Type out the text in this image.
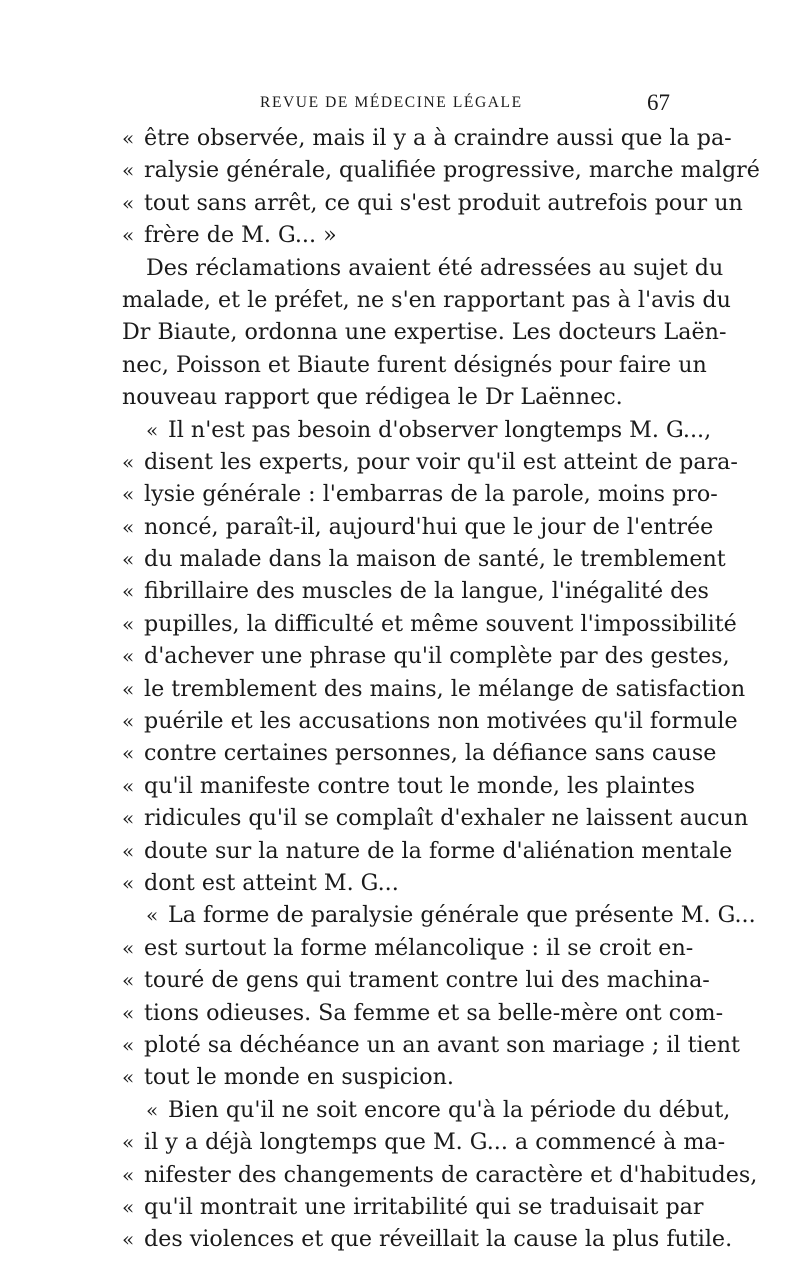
REVUE DE MÉDECINE LÉGALE	67
« être observée, mais il y a à craindre aussi que la pa-
« ralysie générale, qualifiée progressive, marche malgré
« tout sans arrêt, ce qui s'est produit autrefois pour un
« frère de M. G... »
Des réclamations avaient été adressées au sujet du
malade, et le préfet, ne s'en rapportant pas à l'avis du
Dr Biaute, ordonna une expertise. Les docteurs Laën-
nec, Poisson et Biaute furent désignés pour faire un
nouveau rapport que rédigea le Dr Laënnec.
« Il n'est pas besoin d'observer longtemps M. G...,
« disent les experts, pour voir qu'il est atteint de para-
« lysie générale : l'embarras de la parole, moins pro-
« noncé, paraît-il, aujourd'hui que le jour de l'entrée
« du malade dans la maison de santé, le tremblement
« fibrillaire des muscles de la langue, l'inégalité des
« pupilles, la difficulté et même souvent l'impossibilité
« d'achever une phrase qu'il complète par des gestes,
« le tremblement des mains, le mélange de satisfaction
« puérile et les accusations non motivées qu'il formule
« contre certaines personnes, la défiance sans cause
« qu'il manifeste contre tout le monde, les plaintes
« ridicules qu'il se complaît d'exhaler ne laissent aucun
« doute sur la nature de la forme d'aliénation mentale
« dont est atteint M. G...
« La forme de paralysie générale que présente M. G...
« est surtout la forme mélancolique : il se croit en-
« touré de gens qui trament contre lui des machina-
« tions odieuses. Sa femme et sa belle-mère ont com-
« ploté sa déchéance un an avant son mariage ; il tient
« tout le monde en suspicion.
« Bien qu'il ne soit encore qu'à la période du début,
« il y a déjà longtemps que M. G... a commencé à ma-
« nifester des changements de caractère et d'habitudes,
« qu'il montrait une irritabilité qui se traduisait par
« des violences et que réveillait la cause la plus futile.
